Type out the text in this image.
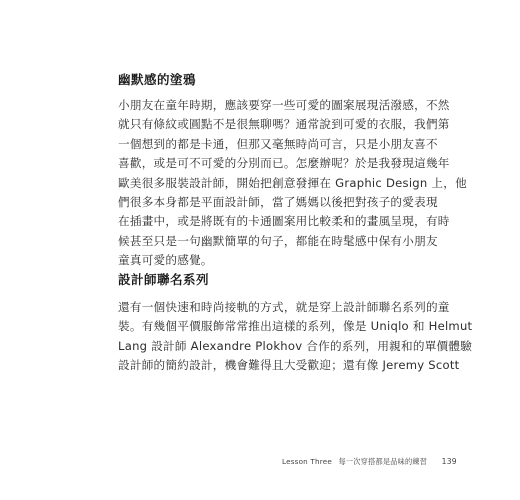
幽默感的塗鴉

小朋友在童年時期，應該要穿一些可愛的圖案展現活潑感，不然
就只有條紋或圓點不是很無聊嗎？通常說到可愛的衣服，我們第
一個想到的都是卡通，但那又毫無時尚可言，只是小朋友喜不
喜歡，或是可不可愛的分別而已。怎麼辦呢？於是我發現這幾年
歐美很多服裝設計師，開始把創意發揮在 Graphic Design 上，他
們很多本身都是平面設計師，當了媽媽以後把對孩子的愛表現
在插畫中，或是將既有的卡通圖案用比較柔和的畫風呈現，有時
候甚至只是一句幽默簡單的句子，都能在時髦感中保有小朋友
童真可愛的感覺。

設計師聯名系列

還有一個快速和時尚接軌的方式，就是穿上設計師聯名系列的童
裝。有幾個平價服飾常常推出這樣的系列，像是 Uniqlo 和 Helmut
Lang 設計師 Alexandre Plokhov 合作的系列，用親和的單價體驗
設計師的簡約設計，機會難得且大受歡迎；還有像 Jeremy Scott

Lesson Three 每一次穿搭都是品味的練習 139
